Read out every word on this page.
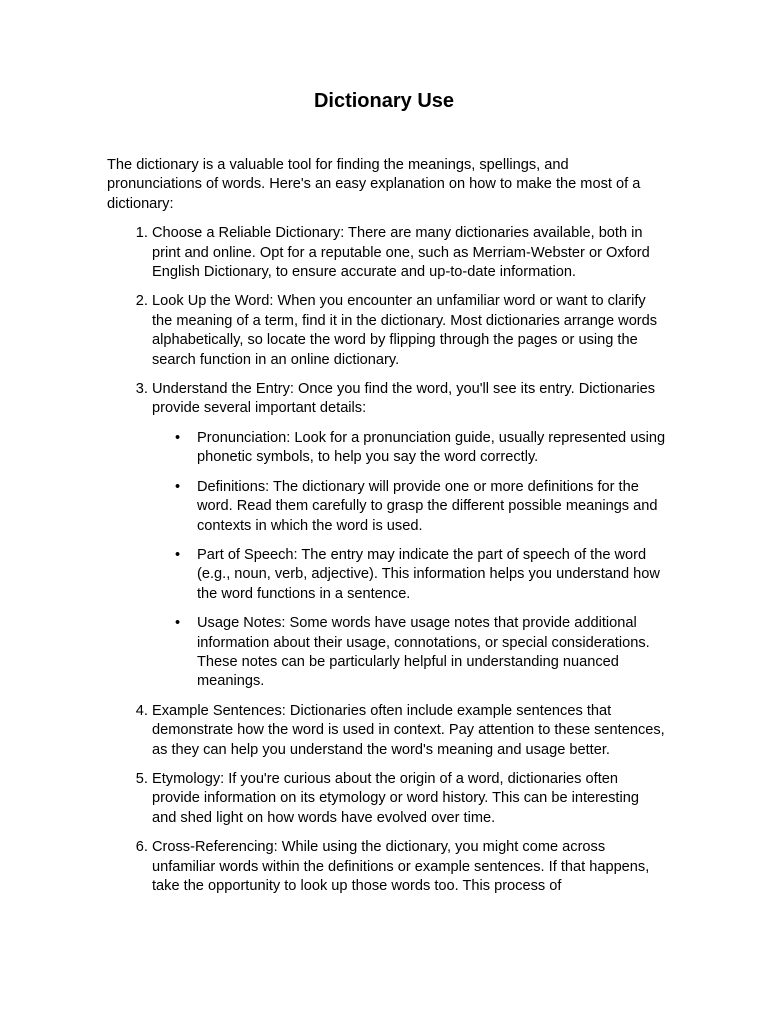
Dictionary Use

The dictionary is a valuable tool for finding the meanings, spellings, and pronunciations of words. Here's an easy explanation on how to make the most of a dictionary:

1. Choose a Reliable Dictionary: There are many dictionaries available, both in print and online. Opt for a reputable one, such as Merriam-Webster or Oxford English Dictionary, to ensure accurate and up-to-date information.
2. Look Up the Word: When you encounter an unfamiliar word or want to clarify the meaning of a term, find it in the dictionary. Most dictionaries arrange words alphabetically, so locate the word by flipping through the pages or using the search function in an online dictionary.
3. Understand the Entry: Once you find the word, you'll see its entry. Dictionaries provide several important details:
• Pronunciation: Look for a pronunciation guide, usually represented using phonetic symbols, to help you say the word correctly.
• Definitions: The dictionary will provide one or more definitions for the word. Read them carefully to grasp the different possible meanings and contexts in which the word is used.
• Part of Speech: The entry may indicate the part of speech of the word (e.g., noun, verb, adjective). This information helps you understand how the word functions in a sentence.
• Usage Notes: Some words have usage notes that provide additional information about their usage, connotations, or special considerations. These notes can be particularly helpful in understanding nuanced meanings.
4. Example Sentences: Dictionaries often include example sentences that demonstrate how the word is used in context. Pay attention to these sentences, as they can help you understand the word's meaning and usage better.
5. Etymology: If you're curious about the origin of a word, dictionaries often provide information on its etymology or word history. This can be interesting and shed light on how words have evolved over time.
6. Cross-Referencing: While using the dictionary, you might come across unfamiliar words within the definitions or example sentences. If that happens, take the opportunity to look up those words too. This process of
